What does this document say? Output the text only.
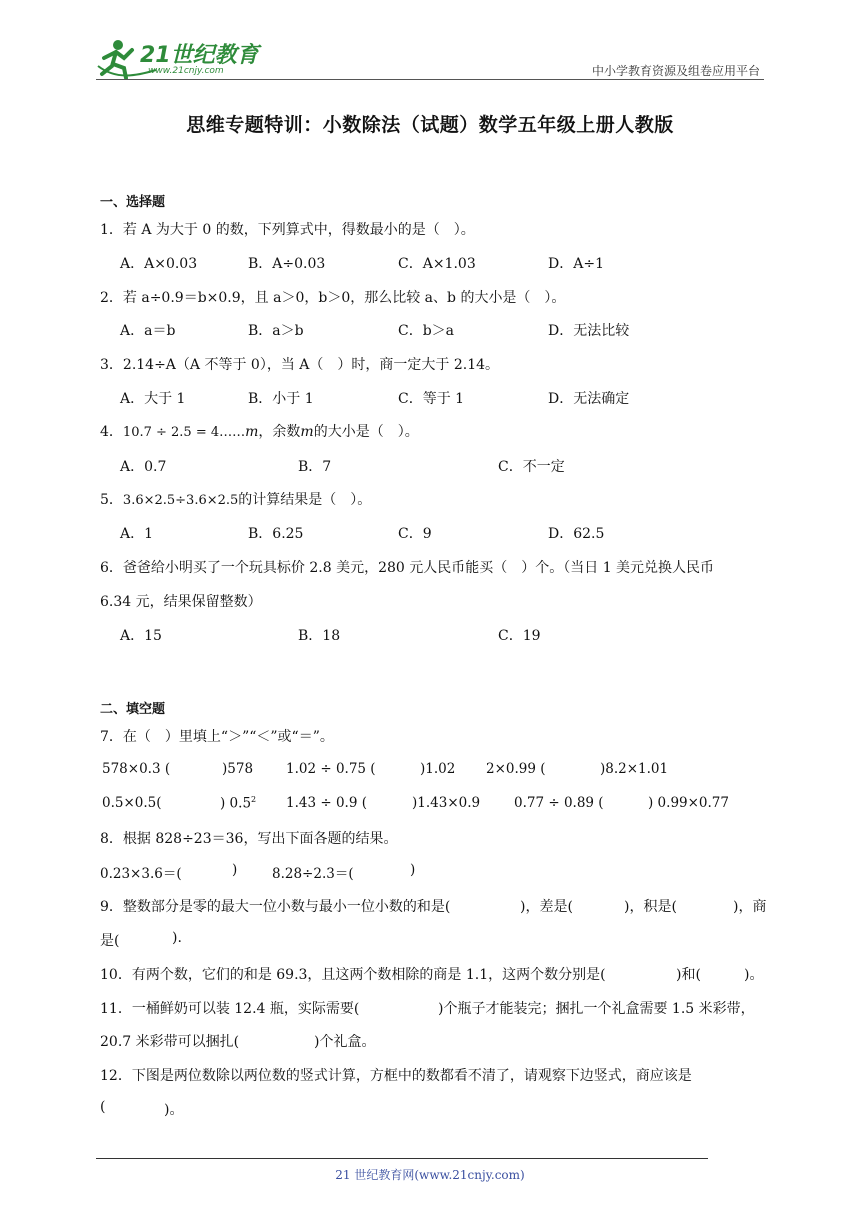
21世纪教育
www.21cnjy.com	中小学教育资源及组卷应用平台
思维专题特训：小数除法（试题）数学五年级上册人教版
一、选择题
1．若 A 为大于 0 的数，下列算式中，得数最小的是（　）。
A．A×0.03	B．A÷0.03	C．A×1.03	D．A÷1
2．若 a÷0.9＝b×0.9，且 a＞0，b＞0，那么比较 a、b 的大小是（　）。
A．a＝b	B．a＞b	C．b＞a	D．无法比较
3．2.14÷A（A 不等于 0），当 A（　）时，商一定大于 2.14。
A．大于 1	B．小于 1	C．等于 1	D．无法确定
4．10.7 ÷ 2.5 = 4……m，余数m的大小是（　）。
A．0.7	B．7	C．不一定
5．3.6×2.5÷3.6×2.5的计算结果是（　）。
A．1	B．6.25	C．9	D．62.5
6．爸爸给小明买了一个玩具标价 2.8 美元，280 元人民币能买（　）个。（当日 1 美元兑换人民币
6.34 元，结果保留整数）
A．15	B．18	C．19
二、填空题
7．在（　）里填上“＞”“＜”或“＝”。
578×0.3 (	)578 1.02 ÷ 0.75 (	)1.02 2×0.99 (	)8.2×1.01
0.5×0.5(	) $0.5^2$ 1.43 ÷ 0.9 (	)1.43×0.9	0.77 ÷ 0.89 (	) 0.99×0.77
8．根据 828÷23＝36，写出下面各题的结果。
0.23×3.6＝(	)	8.28÷2.3＝(	)
9．整数部分是零的最大一位小数与最小一位小数的和是(	)，差是(	)，积是(	)，商
是(	).
10．有两个数，它们的和是 69.3，且这两个数相除的商是 1.1，这两个数分别是(	)和(	)。
11．一桶鲜奶可以装 12.4 瓶，实际需要(	)个瓶子才能装完；捆扎一个礼盒需要 1.5 米彩带，
20.7 米彩带可以捆扎(	)个礼盒。
12．下图是两位数除以两位数的竖式计算，方框中的数都看不清了，请观察下边竖式，商应该是
(	)。
21 世纪教育网(www.21cnjy.com)
